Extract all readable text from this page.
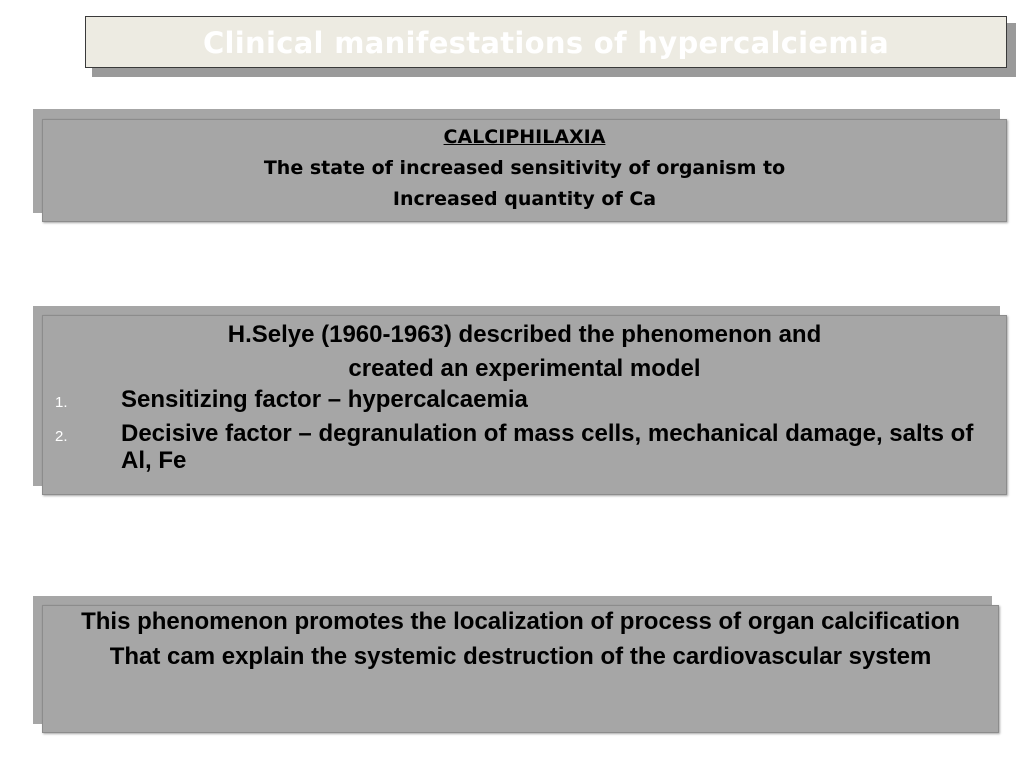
Clinical manifestations of hypercalciemia
CALCIPHILAXIA
The state of increased sensitivity of organism to
Increased quantity of Ca
H.Selye (1960-1963) described the phenomenon and
created an experimental model
1. Sensitizing factor – hypercalcaemia
2. Decisive factor – degranulation of mass cells, mechanical damage, salts of Al, Fe

This phenomenon promotes the localization of process of organ calcification

That cam explain the systemic destruction of the cardiovascular system
